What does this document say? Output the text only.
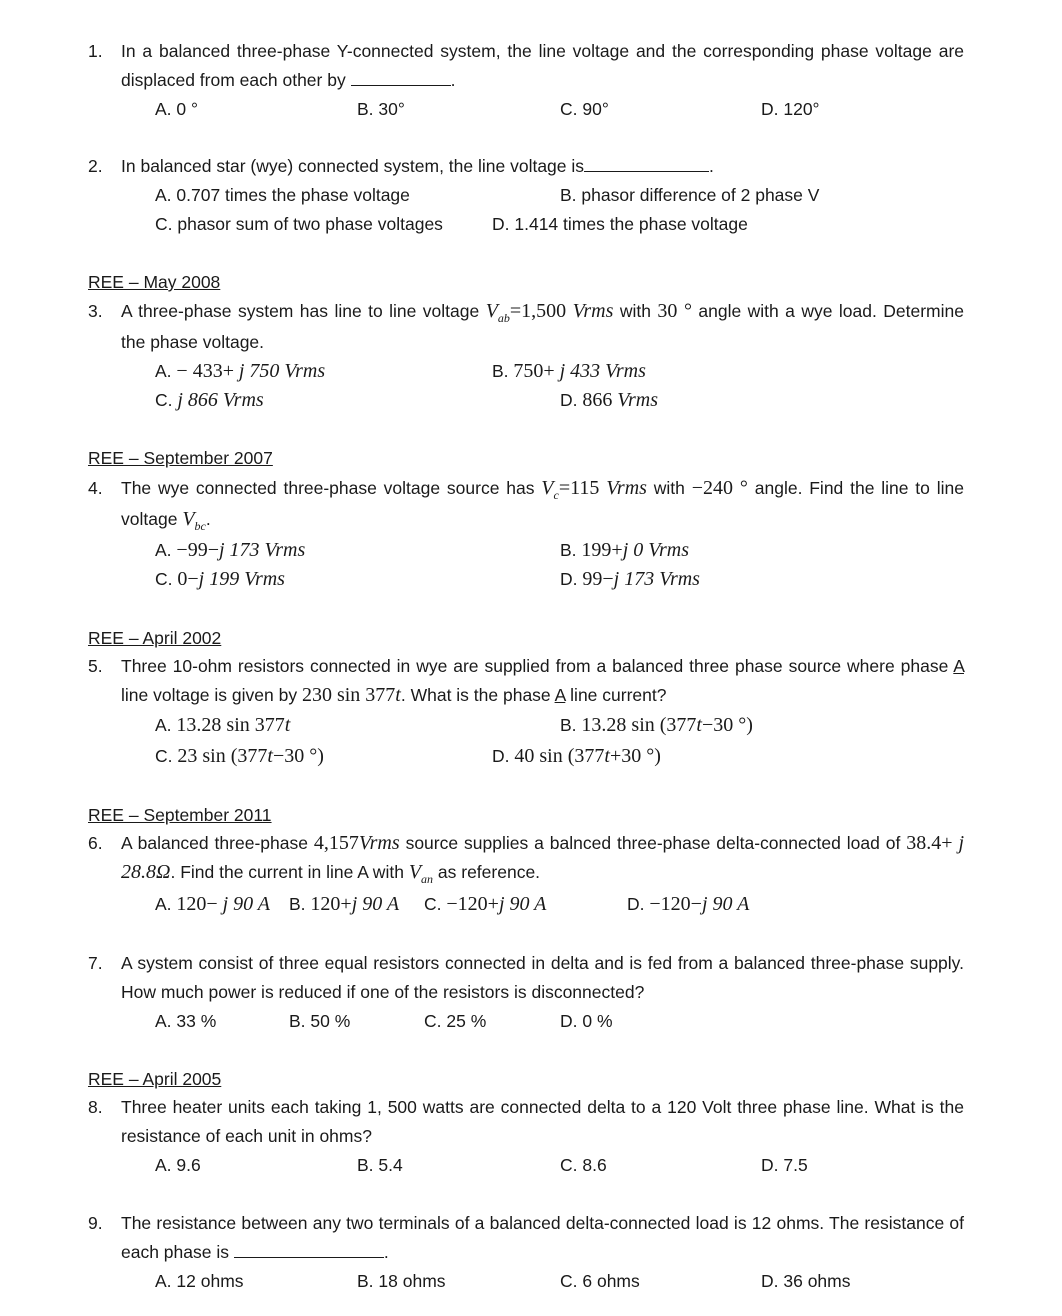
1. In a balanced three-phase Y-connected system, the line voltage and the corresponding phase voltage are displaced from each other by	.
A. 0 °	B. 30°	C. 90°	D. 120°
2. In balanced star (wye) connected system, the line voltage is	.
A. 0.707 times the phase voltage	B. phasor difference of 2 phase V
C. phasor sum of two phase voltages	D. 1.414 times the phase voltage
REE – May 2008
3. A three-phase system has line to line voltage $V_{ab}=1,500$ Vrms with 30 ° angle with a wye load. Determine the phase voltage.
A. − 433+ j 750 Vrms	B. 750+ j 433 Vrms
C. j 866 Vrms	D. 866 Vrms
REE – September 2007
4. The wye connected three-phase voltage source has $V_c=115$ Vrms with −240 ° angle. Find the line to line voltage $V_{bc}$.
A. −99−j 173 Vrms	B. 199+j 0 Vrms
C. 0−j 199 Vrms	D. 99−j 173 Vrms
REE – April 2002
5. Three 10-ohm resistors connected in wye are supplied from a balanced three phase source where phase A line voltage is given by 230 sin 377t. What is the phase A line current?
A. 13.28 sin 377t	B. 13.28 sin (377t−30 °)
C. 23 sin (377t−30 °)	D. 40 sin (377t+30 °)
REE – September 2011
6. A balanced three-phase 4,157Vrms source supplies a balnced three-phase delta-connected load of 38.4+ j 28.8Ω. Find the current in line A with $V_{an}$ as reference.
A. 120− j 90 A B. 120+j 90 A C. −120+j 90 A	D. −120−j 90 A
7. A system consist of three equal resistors connected in delta and is fed from a balanced three-phase supply. How much power is reduced if one of the resistors is disconnected?
A. 33 %	B. 50 %	C. 25 %	D. 0 %
REE – April 2005
8. Three heater units each taking 1, 500 watts are connected delta to a 120 Volt three phase line. What is the resistance of each unit in ohms?
A. 9.6	B. 5.4	C. 8.6	D. 7.5
9. The resistance between any two terminals of a balanced delta-connected load is 12 ohms. The resistance of each phase is	.
A. 12 ohms	B. 18 ohms	C. 6 ohms	D. 36 ohms
